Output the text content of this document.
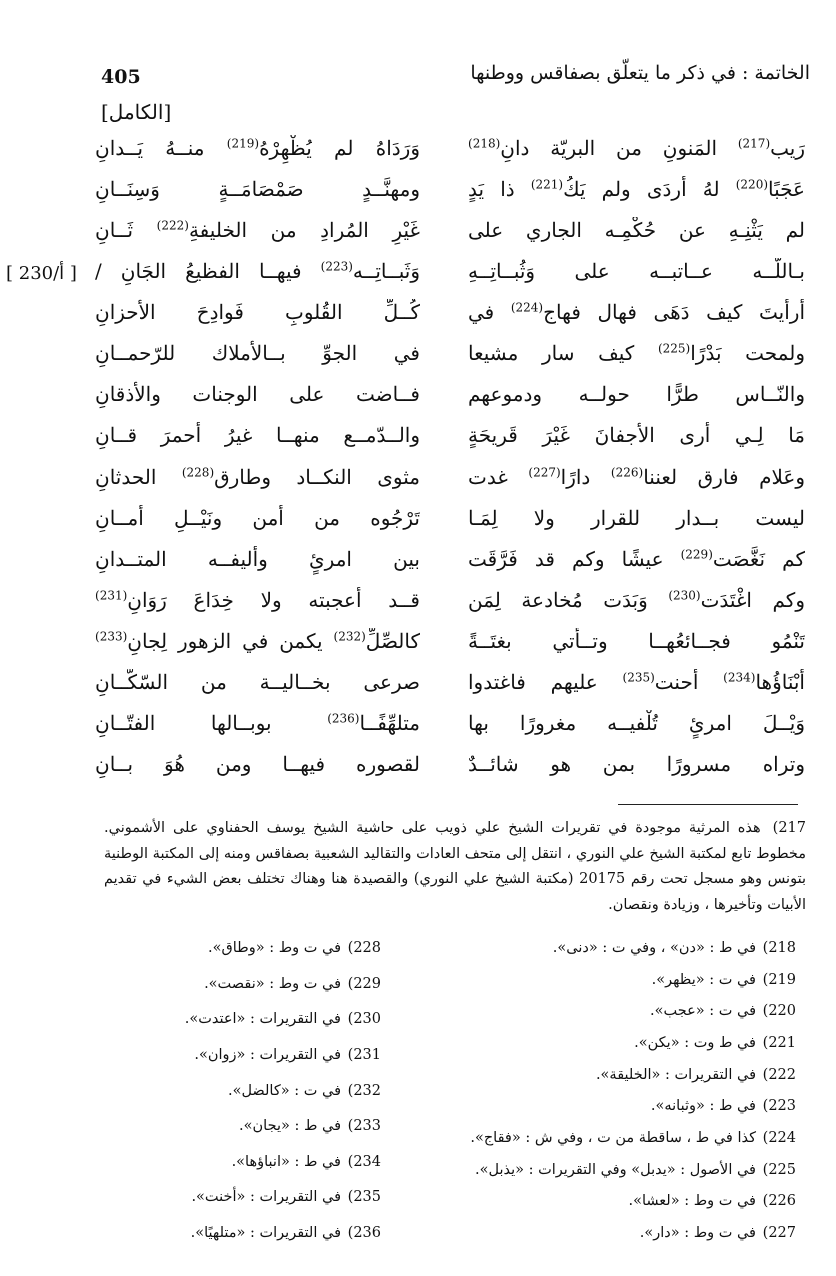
405	الخاتمة : في ذكر ما يتعلّق بصفاقس ووطنها
[الكامل]
[ 230/أ ]
رَيب$^{(217)}$ المَنونِ من البريّة دانِ$^{(218)}$
عَجَبًا$^{(220)}$ لهُ أردَى ولم يَكُ$^{(221)}$ ذا يَدٍ
لم يَثْنِـهِ عن حُكْمِـه الجاري على
بـاللّــه عــاتبــه على وَثُبــاتِــهِ
أرأيتَ كيف دَهَى فهال فهاج$^{(224)}$ في
ولمحت بَدْرًا$^{(225)}$ كيف سار مشيعا
والنّــاس طرًّا حولــه ودموعهم
مَا لِـي أرى الأجفانَ غَيْرَ قَريحَةٍ
وعَلام فارق لعننا$^{(226)}$ دارًا$^{(227)}$ غدت
ليست بــدار للقرار ولا لِمَـا
كم نَغَّصَت$^{(229)}$ عيشًا وكم قد فَرَّقَت
وكم اغْتَدَت$^{(230)}$ وَبَدَت مُخادعة لِمَن
تَنْمُو فجــائعُهــا وتــأتي بغتَــةً
أَبْنَاؤُها$^{(234)}$ أحنت$^{(235)}$ عليهم فاغتدوا
وَيْــلَ امرئٍ تُلْفيــه مغرورًا بها
وتراه مسرورًا بمن هو شائــدٌ
وَرَدَاهُ لم يُظْهِرْهُ$^{(219)}$ منــهُ يَــدانِ
ومهنَّــدٍ صَمْصَامَــةٍ وَسِنَــانِ
غَيْرِ المُرادِ من الخليفةِ$^{(222)}$ ثَــانِ
وَثَبــاتِــه$^{(223)}$ فيهــا الفظيعُ الجَانِ /
كُــلِّ القُلوبِ فَوادِحَ الأحزانِ
في الجوِّ بــالأملاك للرّحمــانِ
فــاضت على الوجنات والأذقانِ
والــدّمــع منهــا غيرُ أحمرَ قــانِ
مثوى النكــاد وطارق$^{(228)}$ الحدثانِ
تَرْجُوه من أمن ونَيْــلِ أمــانِ
بين امرئٍ وأليفــه المتــدانِ
قــد أعجبته ولا خِدَاعَ رَوَانِ$^{(231)}$
كالصِّلِّ$^{(232)}$ يكمن في الزهور لِجانِ$^{(233)}$
صرعى بخــاليــة من السّكّــانِ
متلهِّفًــا$^{(236)}$ بوبــالها الفتّــانِ
لقصوره فيهــا ومن هُوَ بــانِ
217)هذه المرثية موجودة في تقريرات الشيخ علي ذويب على حاشية الشيخ يوسف الحفناوي على الأشموني. مخطوط تابع لمكتبة الشيخ علي النوري ، انتقل إلى متحف العادات والتقاليد الشعبية بصفاقس ومنه إلى المكتبة الوطنية بتونس وهو مسجل تحت رقم 20175 (مكتبة الشيخ علي النوري) والقصيدة هنا وهناك تختلف بعض الشيء في تقديم الأبيات وتأخيرها ، وزيادة ونقصان.
218)في ط : «دن» ، وفي ت : «دنى».
219)في ت : «يظهر».
220)في ت : «عجب».
221)في ط وت : «يكن».
222)في التقريرات : «الخليقة».
223)في ط : «وثبانه».
224)كذا في ط ، ساقطة من ت ، وفي ش : «فقاج».
225)في الأصول : «يدبل» وفي التقريرات : «يذبل».
226)في ت وط : «لعشا».
227)في ت وط : «دار».
228)في ت وط : «وطاق».
229)في ت وط : «نقصت».
230)في التقريرات : «اعتدت».
231)في التقريرات : «زوان».
232)في ت : «كالضل».
233)في ط : «يجان».
234)في ط : «انباؤها».
235)في التقريرات : «أخنت».
236)في التقريرات : «متلهيًا».
